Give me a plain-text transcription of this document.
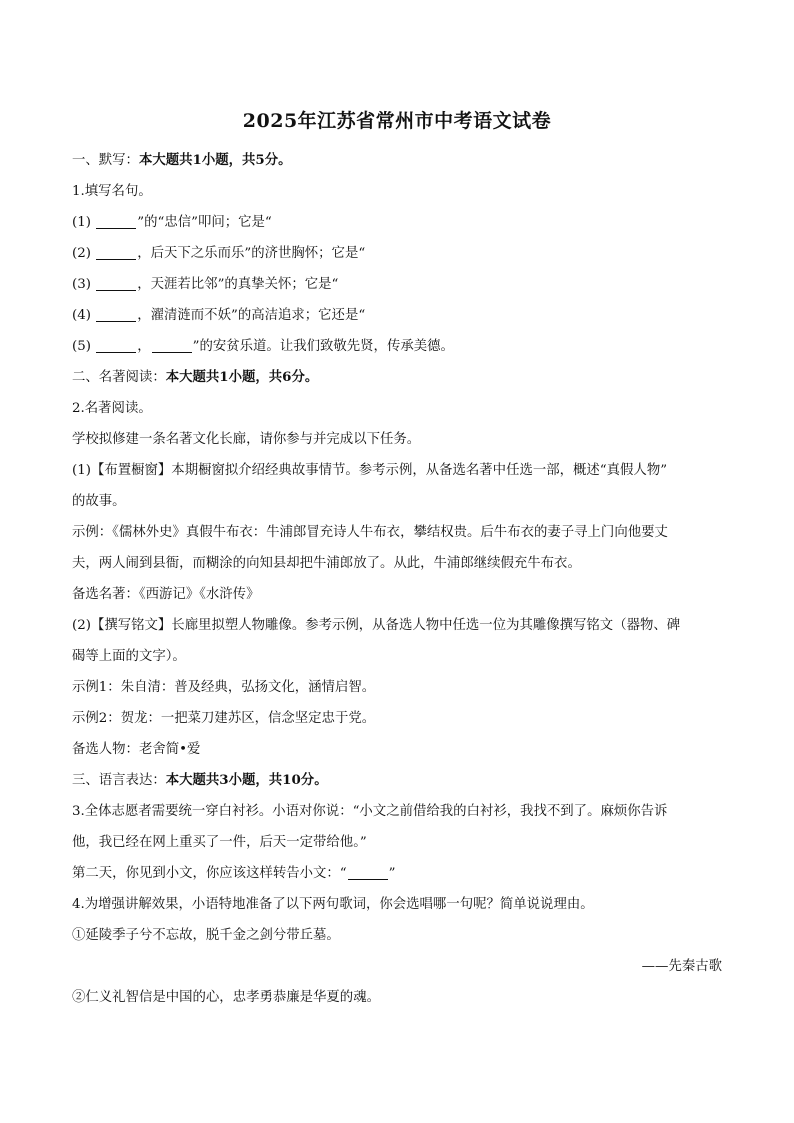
2025年江苏省常州市中考语文试卷

一、默写：本大题共1小题，共5分。

1.填写名句。

(1)	”的“忠信”叩问；它是“

(2)	，后天下之乐而乐”的济世胸怀；它是“

(3)	，天涯若比邻”的真挚关怀；它是“

(4)	，濯清涟而不妖”的高洁追求；它还是“

(5)	，	”的安贫乐道。让我们致敬先贤，传承美德。

二、名著阅读：本大题共1小题，共6分。

2.名著阅读。

学校拟修建一条名著文化长廊，请你参与并完成以下任务。

(1)【布置橱窗】本期橱窗拟介绍经典故事情节。参考示例，从备选名著中任选一部，概述“真假人物”

的故事。

示例：《儒林外史》真假牛布衣：牛浦郎冒充诗人牛布衣，攀结权贵。后牛布衣的妻子寻上门向他要丈

夫，两人闹到县衙，而糊涂的向知县却把牛浦郎放了。从此，牛浦郎继续假充牛布衣。

备选名著：《西游记》《水浒传》

(2)【撰写铭文】长廊里拟塑人物雕像。参考示例，从备选人物中任选一位为其雕像撰写铭文（器物、碑

碣等上面的文字）。

示例1：朱自清：普及经典，弘扬文化，涵情启智。

示例2：贺龙：一把菜刀建苏区，信念坚定忠于党。

备选人物：老舍简•爱

三、语言表达：本大题共3小题，共10分。

3.全体志愿者需要统一穿白衬衫。小语对你说：“小文之前借给我的白衬衫，我找不到了。麻烦你告诉

他，我已经在网上重买了一件，后天一定带给他。”

第二天，你见到小文，你应该这样转告小文：“	”

4.为增强讲解效果，小语特地准备了以下两句歌词，你会选唱哪一句呢？简单说说理由。

①延陵季子兮不忘故，脱千金之剑兮带丘墓。

——先秦古歌

②仁义礼智信是中国的心，忠孝勇恭廉是华夏的魂。
